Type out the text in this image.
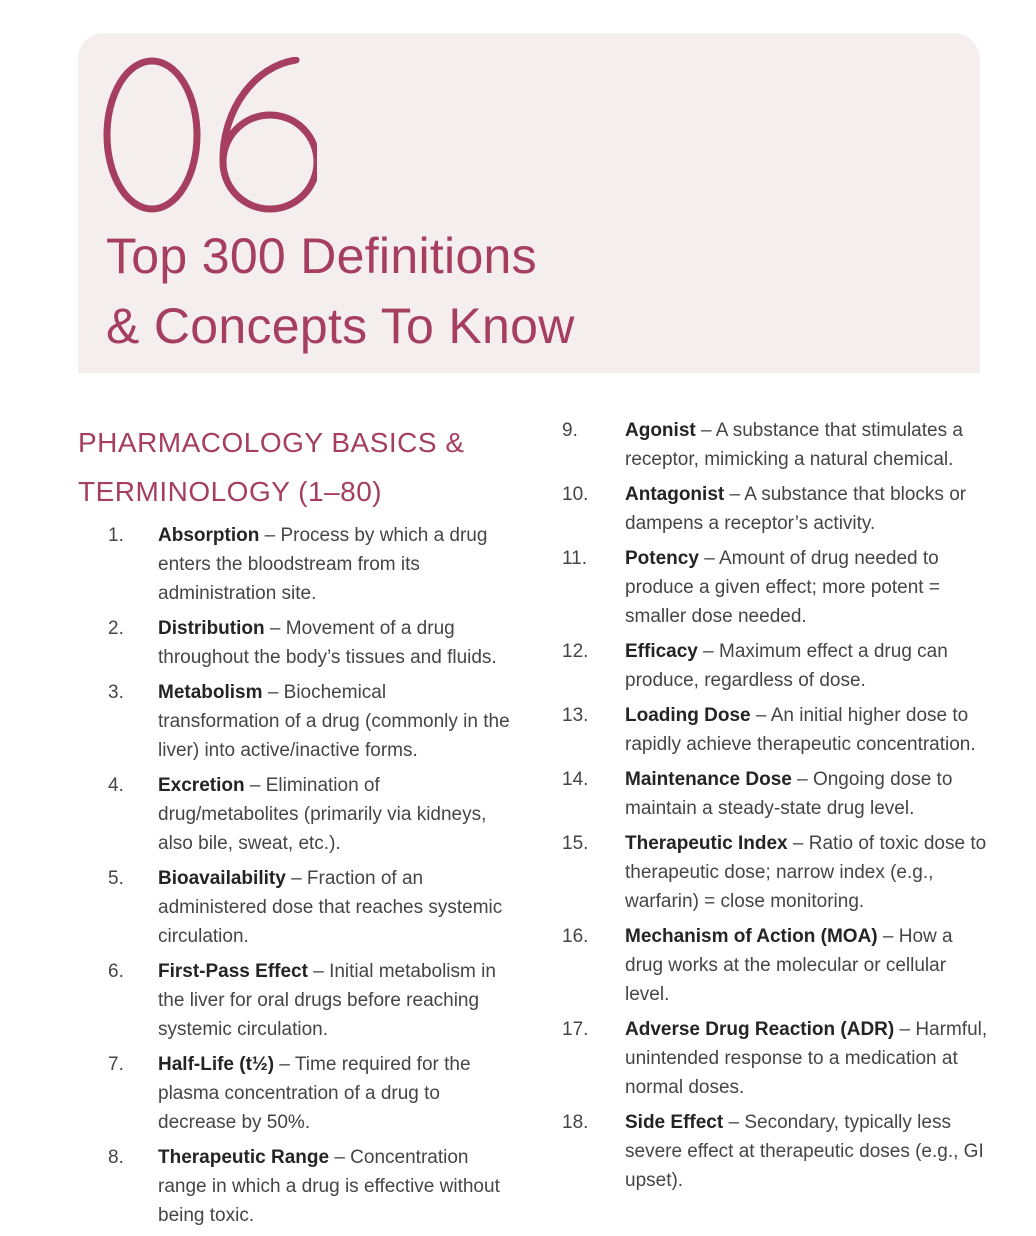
Top 300 Definitions
& Concepts To Know
PHARMACOLOGY BASICS &
TERMINOLOGY (1–80)
1.	Absorption – Process by which a drug enters the bloodstream from its administration site.
2.	Distribution – Movement of a drug throughout the body’s tissues and fluids.
3.	Metabolism – Biochemical transformation of a drug (commonly in the liver) into active/inactive forms.
4.	Excretion – Elimination of drug/metabolites (primarily via kidneys, also bile, sweat, etc.).
5.	Bioavailability – Fraction of an administered dose that reaches systemic circulation.
6.	First-Pass Effect – Initial metabolism in the liver for oral drugs before reaching systemic circulation.
7.	Half-Life (t½) – Time required for the plasma concentration of a drug to decrease by 50%.
8.	Therapeutic Range – Concentration range in which a drug is effective without being toxic.
9.	Agonist – A substance that stimulates a receptor, mimicking a natural chemical.
10.	Antagonist – A substance that blocks or dampens a receptor’s activity.
11.	Potency – Amount of drug needed to produce a given effect; more potent = smaller dose needed.
12.	Efficacy – Maximum effect a drug can produce, regardless of dose.
13.	Loading Dose – An initial higher dose to rapidly achieve therapeutic concentration.
14.	Maintenance Dose – Ongoing dose to maintain a steady-state drug level.
15.	Therapeutic Index – Ratio of toxic dose to therapeutic dose; narrow index (e.g., warfarin) = close monitoring.
16.	Mechanism of Action (MOA) – How a drug works at the molecular or cellular level.
17.	Adverse Drug Reaction (ADR) – Harmful, unintended response to a medication at normal doses.
18.	Side Effect – Secondary, typically less severe effect at therapeutic doses (e.g., GI upset).
